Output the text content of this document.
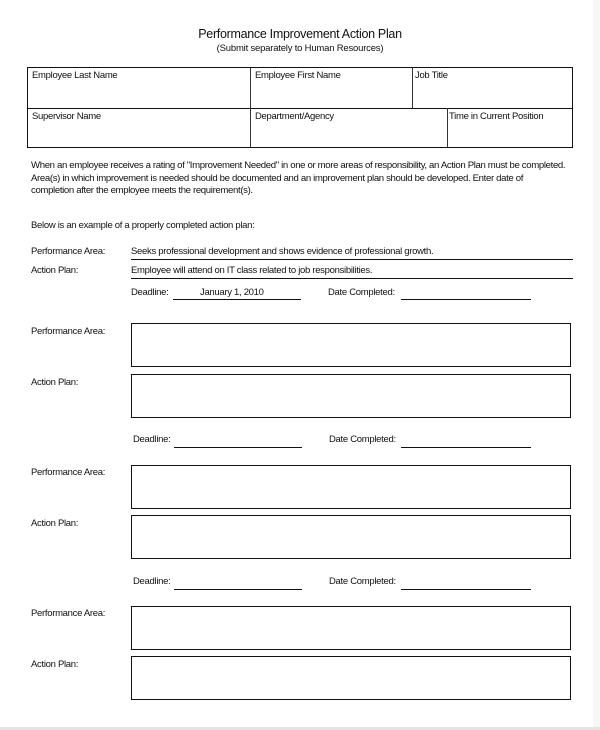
Performance Improvement Action Plan
(Submit separately to Human Resources)
Employee Last Name	Employee First Name	Job Title
Supervisor Name	Department/Agency	Time in Current Position
When an employee receives a rating of "Improvement Needed" in one or more areas of responsibility, an Action Plan must be completed.
Area(s) in which improvement is needed should be documented and an improvement plan should be developed. Enter date of
completion after the employee meets the requirement(s).
Below is an example of a properly completed action plan:
Performance Area:	Seeks professional development and shows evidence of professional growth.
Action Plan:	Employee will attend on IT class related to job responsibilities.
Deadline:	January 1, 2010	Date Completed:
Performance Area:
Action Plan:
Deadline:	Date Completed:
Performance Area:
Action Plan:
Deadline:	Date Completed:
Performance Area:
Action Plan:
